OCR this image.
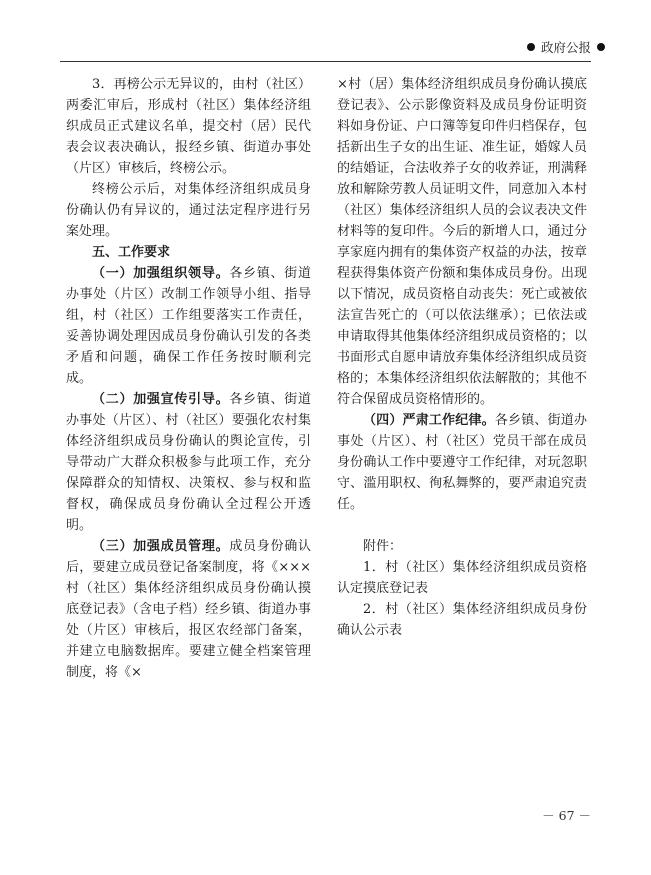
政府公报

3．再榜公示无异议的，由村（社区）两委汇审后，形成村（社区）集体经济组织成员正式建议名单，提交村（居）民代表会议表决确认，报经乡镇、街道办事处（片区）审核后，终榜公示。

终榜公示后，对集体经济组织成员身份确认仍有异议的，通过法定程序进行另案处理。

五、工作要求

（一）加强组织领导。各乡镇、街道办事处（片区）改制工作领导小组、指导组，村（社区）工作组要落实工作责任，妥善协调处理因成员身份确认引发的各类矛盾和问题，确保工作任务按时顺利完成。

（二）加强宣传引导。各乡镇、街道办事处（片区）、村（社区）要强化农村集体经济组织成员身份确认的舆论宣传，引导带动广大群众积极参与此项工作，充分保障群众的知情权、决策权、参与权和监督权，确保成员身份确认全过程公开透明。

（三）加强成员管理。成员身份确认后，要建立成员登记备案制度，将《×××村（社区）集体经济组织成员身份确认摸底登记表》（含电子档）经乡镇、街道办事处（片区）审核后，报区农经部门备案，并建立电脑数据库。要建立健全档案管理制度，将《×

×村（居）集体经济组织成员身份确认摸底登记表》、公示影像资料及成员身份证明资料如身份证、户口簿等复印件归档保存，包括新出生子女的出生证、准生证，婚嫁人员的结婚证，合法收养子女的收养证，刑满释放和解除劳教人员证明文件，同意加入本村（社区）集体经济组织人员的会议表决文件材料等的复印件。今后的新增人口，通过分享家庭内拥有的集体资产权益的办法，按章程获得集体资产份额和集体成员身份。出现以下情况，成员资格自动丧失：死亡或被依法宣告死亡的（可以依法继承）；已依法或申请取得其他集体经济组织成员资格的；以书面形式自愿申请放弃集体经济组织成员资格的；本集体经济组织依法解散的；其他不符合保留成员资格情形的。

（四）严肃工作纪律。各乡镇、街道办事处（片区）、村（社区）党员干部在成员身份确认工作中要遵守工作纪律，对玩忽职守、滥用职权、徇私舞弊的，要严肃追究责任。

附件：

1．村（社区）集体经济组织成员资格认定摸底登记表

2．村（社区）集体经济组织成员身份确认公示表

－ 67 －
